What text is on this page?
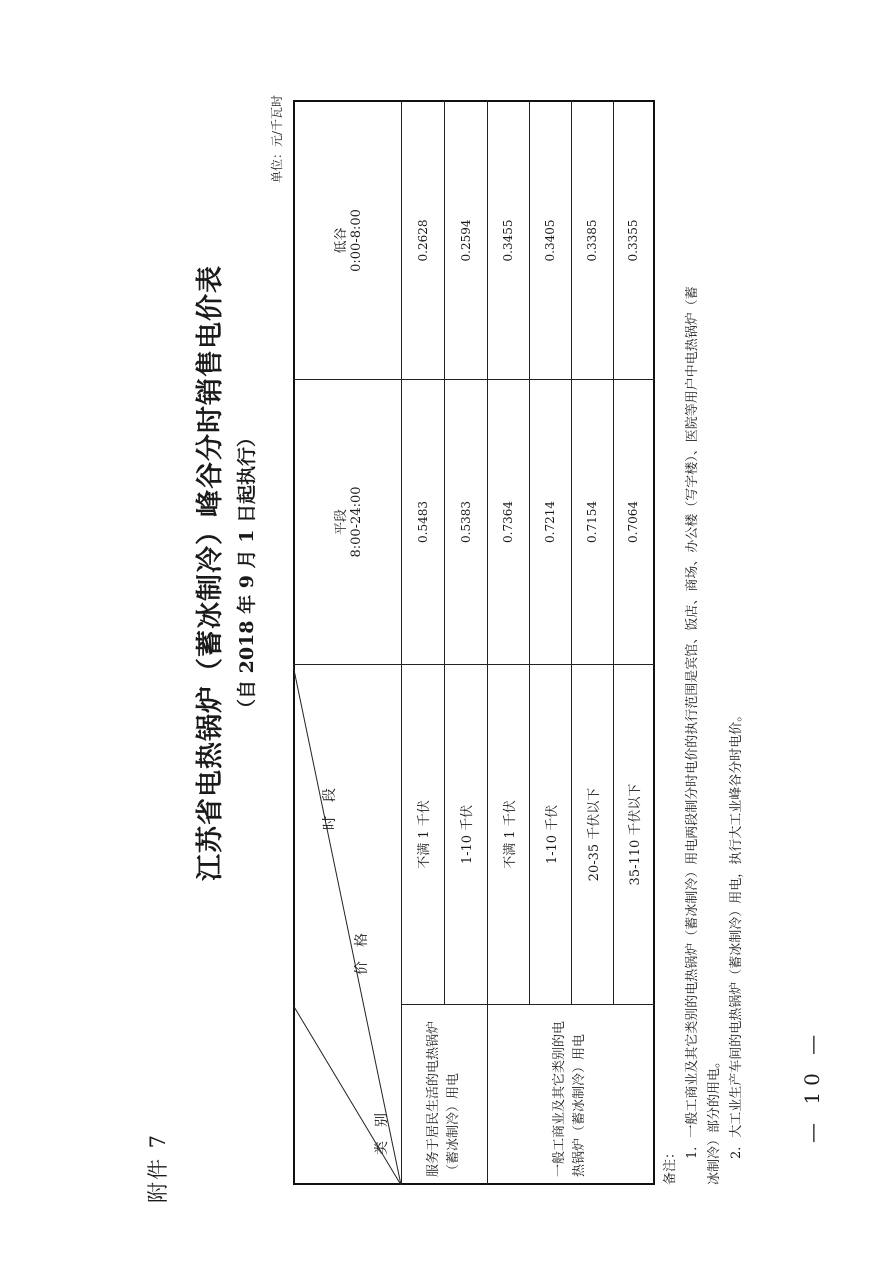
附件 7
江苏省电热锅炉（蓄冰制冷）峰谷分时销售电价表 （自 2018 年 9 月 1 日起执行）
单位：元/千瓦时
时　段
价　格
类　别
平段 8:00-24:00
低谷 0:00-8:00
服务于居民生活的电热锅炉（蓄冰制冷）用电	一般工商业及其它类别的电热锅炉（蓄冰制冷）用电
不满 1 千伏
0.5483
0.2628
1-10 千伏
0.5383
0.2594
不满 1 千伏
0.7364
0.3455
1-10 千伏
0.7214
0.3405
20-35 千伏以下
0.7154
0.3385
35-110 千伏以下
0.7064
0.3355
备注：
1．一般工商业及其它类别的电热锅炉（蓄冰制冷）用电两段制分时电价的执行范围是宾馆、饭店、商场、办公楼（写字楼）、医院等用户中电热锅炉（蓄 冰制冷）部分的用电。 2．大工业生产车间的电热锅炉（蓄冰制冷）用电，执行大工业峰谷分时电价。	— 10 —
